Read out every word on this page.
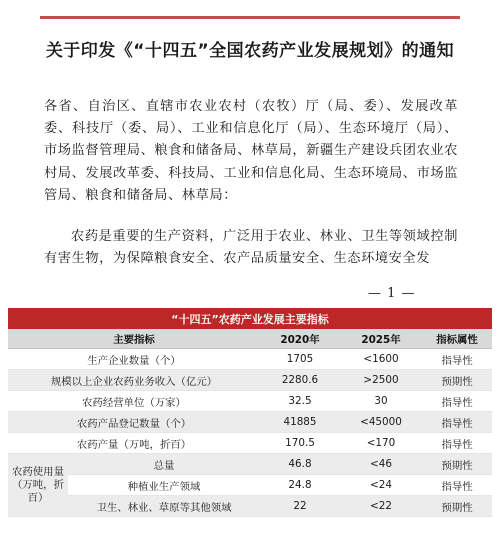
关于印发《“十四五”全国农药产业发展规划》的通知

各省、自治区、直辖市农业农村（农牧）厅（局、委）、发展改革委、科技厅（委、局）、工业和信息化厅（局）、生态环境厅（局）、市场监督管理局、粮食和储备局、林草局，新疆生产建设兵团农业农村局、发展改革委、科技局、工业和信息化局、生态环境局、市场监管局、粮食和储备局、林草局：

农药是重要的生产资料，广泛用于农业、林业、卫生等领域控制有害生物，为保障粮食安全、农产品质量安全、生态环境安全发

— 1 —
“十四五”农药产业发展主要指标				
主要指标		2020年	2025年	指标属性
生产企业数量（个）		1705	<1600	指导性
规模以上企业农药业务收入（亿元）		2280.6	>2500	预期性
农药经营单位（万家）		32.5	30	指导性
农药产品登记数量（个）		41885	<45000	指导性
农药产量（万吨，折百）		170.5	<170	指导性
农药使用量（万吨，折百）	总量	46.8	<46	预期性
	种植业生产领域	24.8	<24	指导性
	卫生、林业、草原等其他领域	22	<22	预期性
